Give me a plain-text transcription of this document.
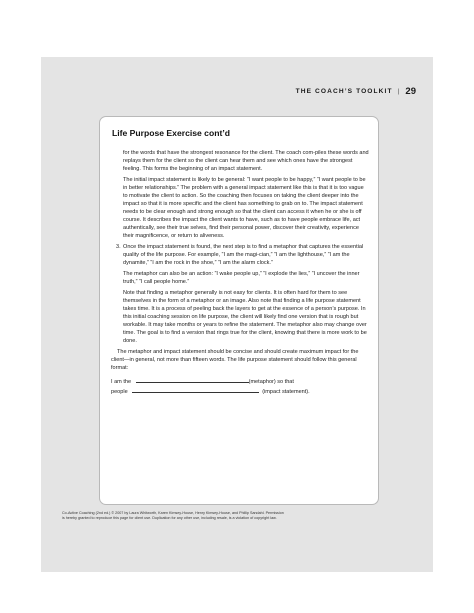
THE COACH’S TOOLKIT | 29
Life Purpose Exercise cont’d

for the words that have the strongest resonance for the client. The coach com-piles these words and replays them for the client so the client can hear them and see which ones have the strongest feeling. This forms the beginning of an impact statement.

The initial impact statement is likely to be general: “I want people to be happy,” “I want people to be in better relationships.” The problem with a general impact statement like this is that it is too vague to motivate the client to action. So the coaching then focuses on taking the client deeper into the impact so that it is more specific and the client has something to grab on to. The impact statement needs to be clear enough and strong enough so that the client can access it when he or she is off course. It describes the impact the client wants to have, such as to have people embrace life, act authentically, see their true selves, find their personal power, discover their creativity, experience their magnificence, or return to aliveness.

3. Once the impact statement is found, the next step is to find a metaphor that captures the essential quality of the life purpose. For example, “I am the magi-cian,” “I am the lighthouse,” “I am the dynamite,” “I am the rock in the shoe,” “I am the alarm clock.”

The metaphor can also be an action: “I wake people up,” “I explode the lies,” “I uncover the inner truth,” “I call people home.”

Note that finding a metaphor generally is not easy for clients. It is often hard for them to see themselves in the form of a metaphor or an image. Also note that finding a life purpose statement takes time. It is a process of peeling back the layers to get at the essence of a person’s purpose. In this initial coaching session on life purpose, the client will likely find one version that is rough but workable. It may take months or years to refine the statement. The metaphor also may change over time. The goal is to find a version that rings true for the client, knowing that there is more work to be done.

The metaphor and impact statement should be concise and should create maximum impact for the client—in general, not more than fifteen words. The life purpose statement should follow this general format:

I am the	(metaphor) so that
people	(impact statement).
Co-Active Coaching (2nd ed.) © 2007 by Laura Whitworth, Karen Kimsey-House, Henry Kimsey-House, and Phillip Sandahl. Permission
is hereby granted to reproduce this page for client use. Duplication for any other use, including resale, is a violation of copyright law.
